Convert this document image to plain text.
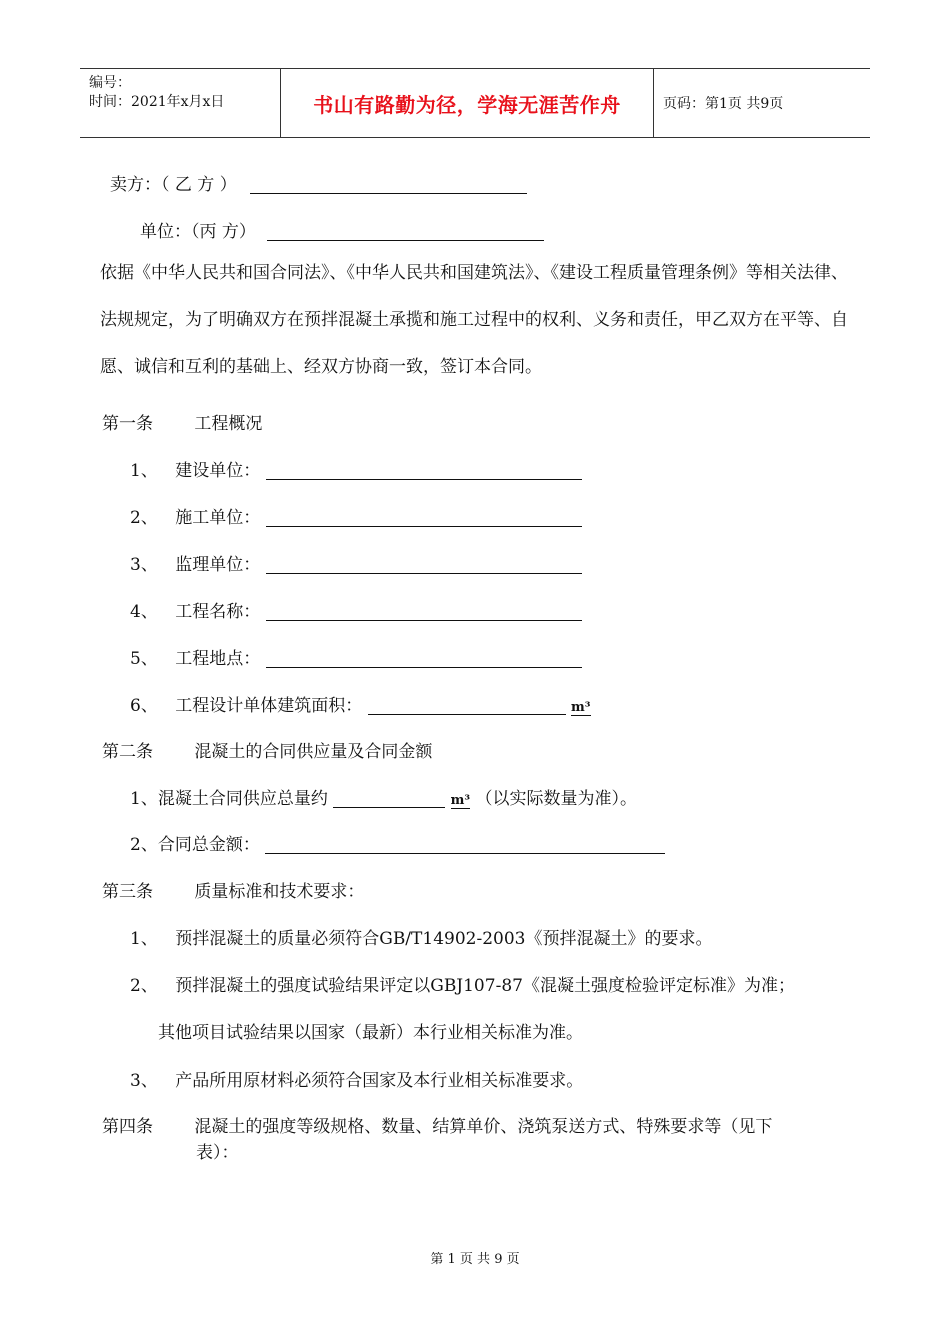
编号：
时间：2021年x月x日	书山有路勤为径，学海无涯苦作舟	页码：第1页 共9页
卖方：（ 乙 方 ）
单位：（丙 方）
依据《中华人民共和国合同法》、《中华人民共和国建筑法》、《建设工程质量管理条例》等相关法律、法规规定，为了明确双方在预拌混凝土承揽和施工过程中的权利、义务和责任，甲乙双方在平等、自愿、诚信和互利的基础上、经双方协商一致，签订本合同。
第一条 工程概况
1、 建设单位：
2、 施工单位：
3、 监理单位：
4、 工程名称：
5、 工程地点：
6、 工程设计单体建筑面积：	m³
第二条 混凝土的合同供应量及合同金额
1、混凝土合同供应总量约	m³ （以实际数量为准）。
2、合同总金额：
第三条 质量标准和技术要求：
1、 预拌混凝土的质量必须符合GB/T14902-2003《预拌混凝土》的要求。
2、 预拌混凝土的强度试验结果评定以GBJ107-87《混凝土强度检验评定标准》为准；
其他项目试验结果以国家（最新）本行业相关标准为准。
3、 产品所用原材料必须符合国家及本行业相关标准要求。
第四条 混凝土的强度等级规格、数量、结算单价、浇筑泵送方式、特殊要求等（见下
表）：
第 1 页 共 9 页
